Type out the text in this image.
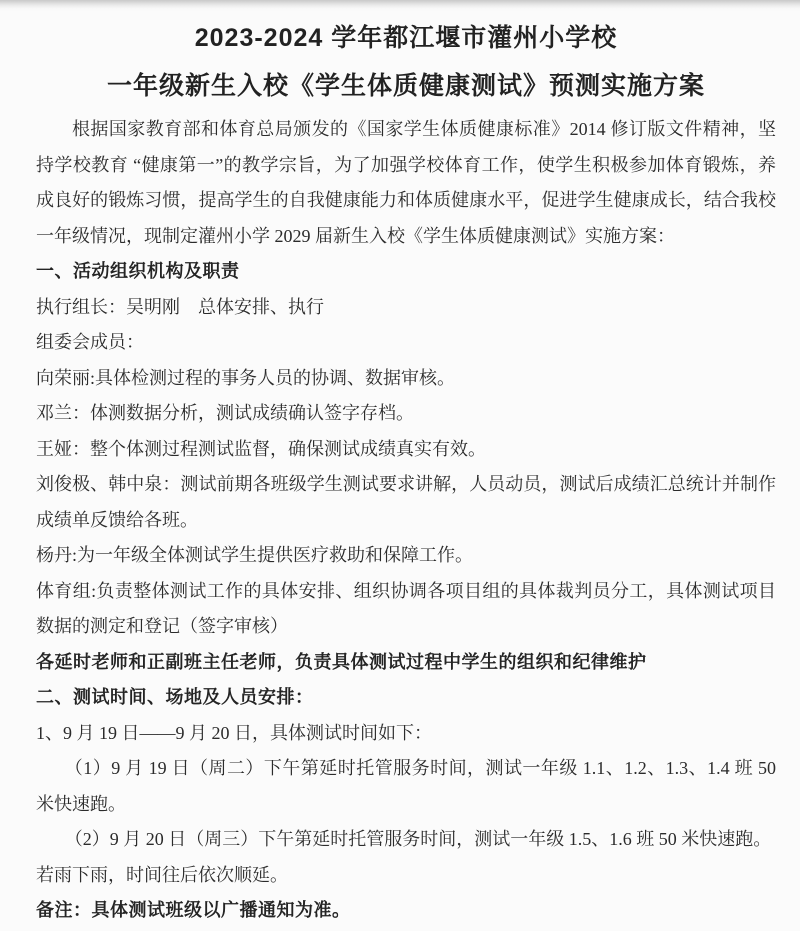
2023-2024 学年都江堰市灌州小学校
一年级新生入校《学生体质健康测试》预测实施方案

根据国家教育部和体育总局颁发的《国家学生体质健康标准》2014 修订版文件精神，坚持学校教育 “健康第一”的教学宗旨，为了加强学校体育工作，使学生积极参加体育锻炼，养成良好的锻炼习惯，提高学生的自我健康能力和体质健康水平，促进学生健康成长，结合我校一年级情况，现制定灌州小学 2029 届新生入校《学生体质健康测试》实施方案：

一、活动组织机构及职责

执行组长：吴明刚　总体安排、执行

组委会成员：

向荣丽:具体检测过程的事务人员的协调、数据审核。

邓兰：体测数据分析，测试成绩确认签字存档。

王娅：整个体测过程测试监督，确保测试成绩真实有效。

刘俊极、韩中泉：测试前期各班级学生测试要求讲解，人员动员，测试后成绩汇总统计并制作成绩单反馈给各班。

杨丹:为一年级全体测试学生提供医疗救助和保障工作。

体育组:负责整体测试工作的具体安排、组织协调各项目组的具体裁判员分工，具体测试项目数据的测定和登记（签字审核）

各延时老师和正副班主任老师，负责具体测试过程中学生的组织和纪律维护

二、测试时间、场地及人员安排：

1、9 月 19 日——9 月 20 日，具体测试时间如下：

（1）9 月 19 日（周二）下午第延时托管服务时间，测试一年级 1.1、1.2、1.3、1.4 班 50 米快速跑。

（2）9 月 20 日（周三）下午第延时托管服务时间，测试一年级 1.5、1.6 班 50 米快速跑。

若雨下雨，时间往后依次顺延。

备注：具体测试班级以广播通知为准。
